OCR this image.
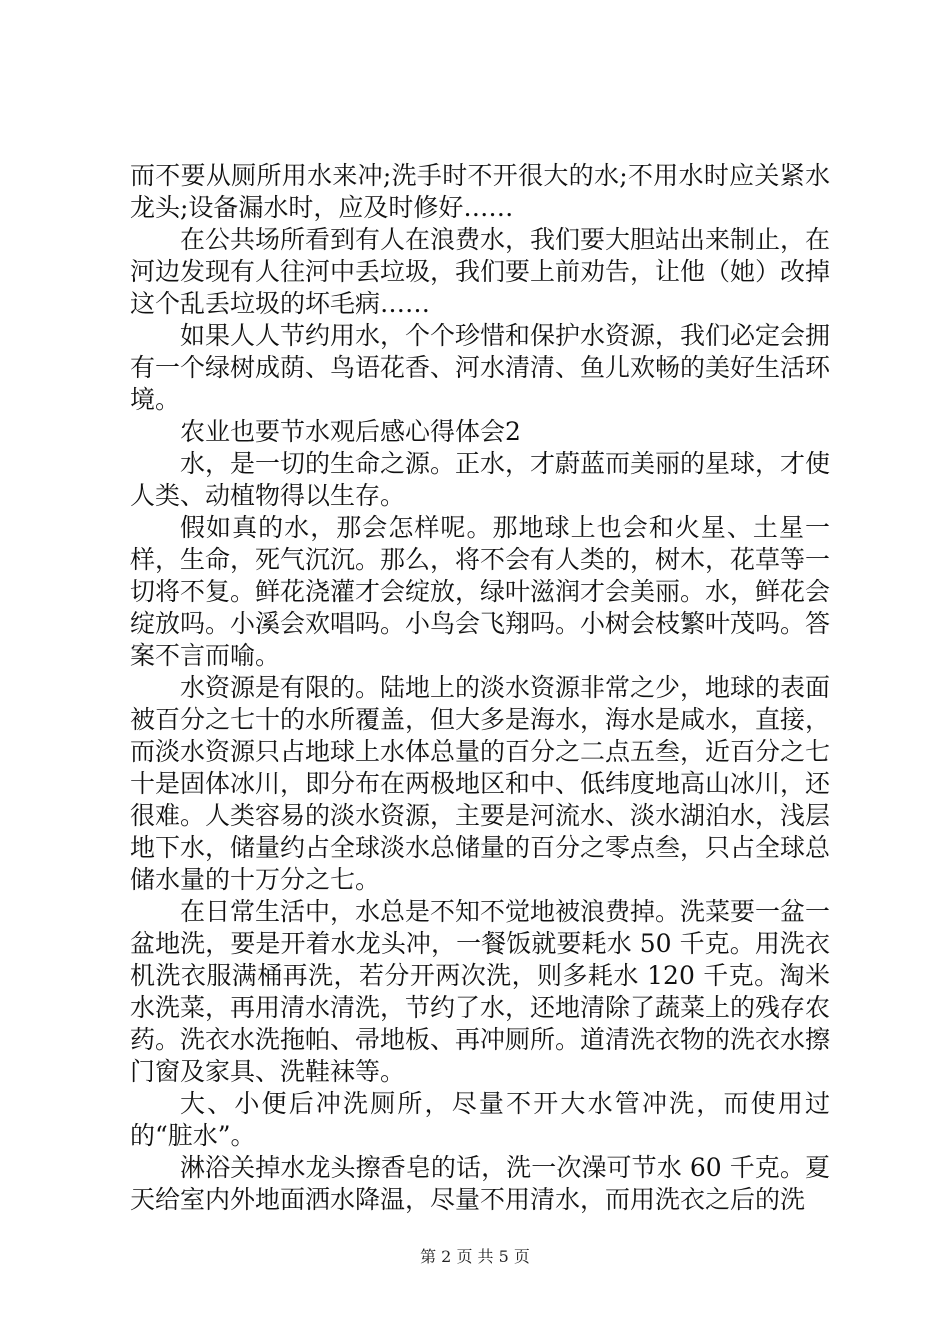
而不要从厕所用水来冲;洗手时不开很大的水;不用水时应关紧水龙头;设备漏水时，应及时修好……

在公共场所看到有人在浪费水，我们要大胆站出来制止，在河边发现有人往河中丢垃圾，我们要上前劝告，让他（她）改掉这个乱丢垃圾的坏毛病……

如果人人节约用水，个个珍惜和保护水资源，我们必定会拥有一个绿树成荫、鸟语花香、河水清清、鱼儿欢畅的美好生活环境。

农业也要节水观后感心得体会2

水，是一切的生命之源。正水，才蔚蓝而美丽的星球，才使人类、动植物得以生存。

假如真的水，那会怎样呢。那地球上也会和火星、土星一样，生命，死气沉沉。那么，将不会有人类的，树木，花草等一切将不复。鲜花浇灌才会绽放，绿叶滋润才会美丽。水，鲜花会绽放吗。小溪会欢唱吗。小鸟会飞翔吗。小树会枝繁叶茂吗。答案不言而喻。

水资源是有限的。陆地上的淡水资源非常之少，地球的表面被百分之七十的水所覆盖，但大多是海水，海水是咸水，直接，而淡水资源只占地球上水体总量的百分之二点五叁，近百分之七十是固体冰川，即分布在两极地区和中、低纬度地高山冰川，还很难。人类容易的淡水资源，主要是河流水、淡水湖泊水，浅层地下水，储量约占全球淡水总储量的百分之零点叁，只占全球总储水量的十万分之七。

在日常生活中，水总是不知不觉地被浪费掉。洗菜要一盆一盆地洗，要是开着水龙头冲，一餐饭就要耗水 50 千克。用洗衣机洗衣服满桶再洗，若分开两次洗，则多耗水 120 千克。淘米水洗菜，再用清水清洗，节约了水，还地清除了蔬菜上的残存农药。洗衣水洗拖帕、帚地板、再冲厕所。道清洗衣物的洗衣水擦门窗及家具、洗鞋袜等。

大、小便后冲洗厕所，尽量不开大水管冲洗，而使用过的“脏水”。

淋浴关掉水龙头擦香皂的话，洗一次澡可节水 60 千克。夏天给室内外地面洒水降温，尽量不用清水，而用洗衣之后的洗

第 2 页 共 5 页
